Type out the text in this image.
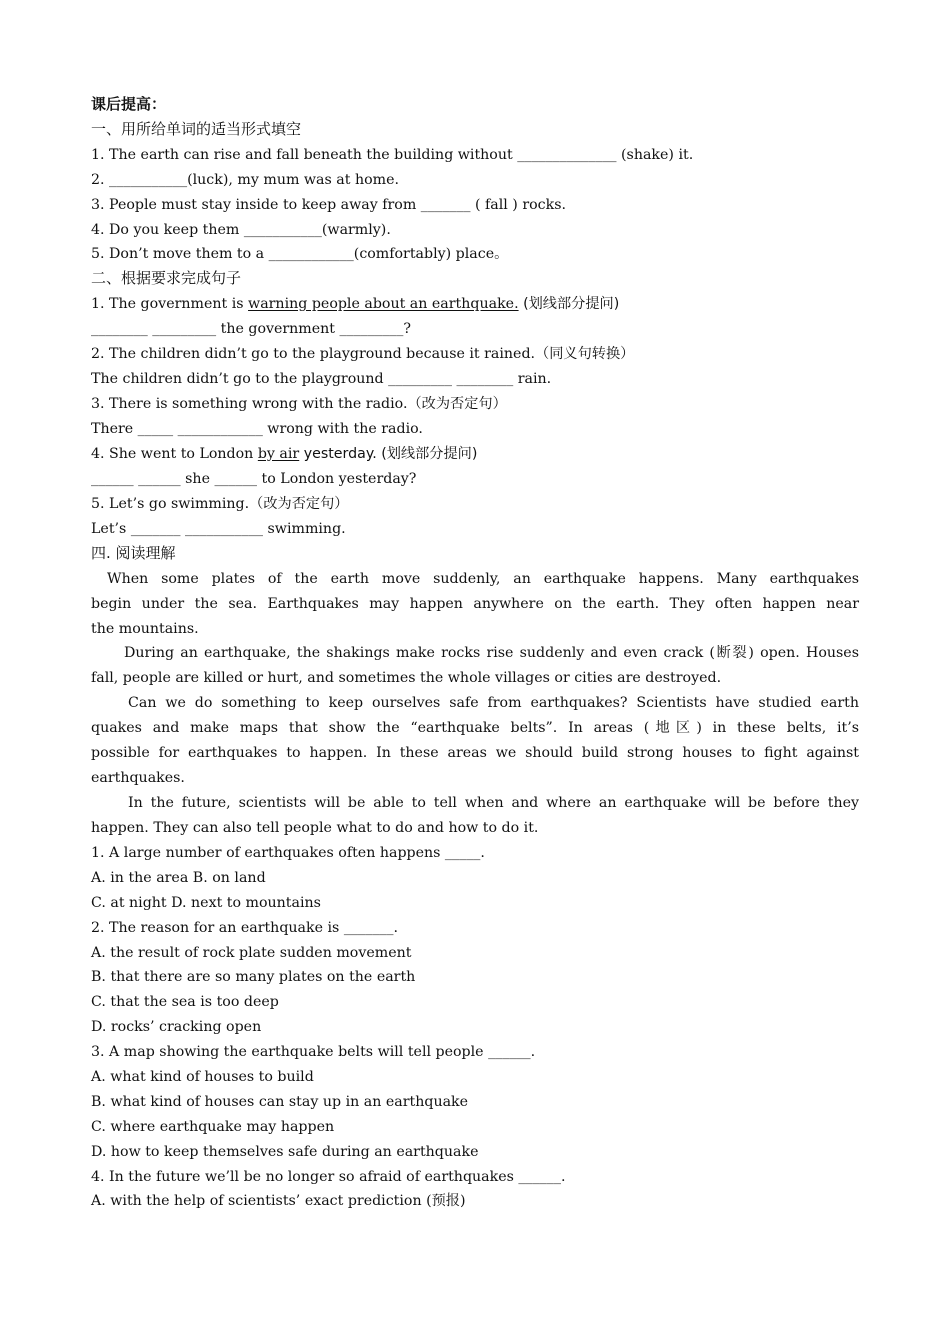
课后提高：
一、用所给单词的适当形式填空
1. The earth can rise and fall beneath the building without ______________ (shake) it.
2. ___________(luck), my mum was at home.
3. People must stay inside to keep away from _______ ( fall ) rocks.
4. Do you keep them ___________(warmly).
5. Don’t move them to a ____________(comfortably) place。
二、根据要求完成句子
1. The government is warning people about an earthquake. (划线部分提问)
________ _________ the government _________?
2. The children didn’t go to the playground because it rained.（同义句转换）
The children didn’t go to the playground _________ ________ rain.
3. There is something wrong with the radio.（改为否定句）
There _____ ____________ wrong with the radio.
4. She went to London by air yesterday. (划线部分提问)
______ ______ she ______ to London yesterday?
5. Let’s go swimming.（改为否定句）
Let’s _______ ___________ swimming.
四. 阅读理解
When some plates of the earth move suddenly, an earthquake happens. Many earthquakes
begin under the sea. Earthquakes may happen anywhere on the earth. They often happen near
the mountains.
During an earthquake, the shakings make rocks rise suddenly and even crack (断裂) open. Houses
fall, people are killed or hurt, and sometimes the whole villages or cities are destroyed.
Can we do something to keep ourselves safe from earthquakes? Scientists have studied earth
quakes and make maps that show the “earthquake belts”. In areas (地区) in these belts, it’s
possible for earthquakes to happen. In these areas we should build strong houses to fight against
earthquakes.
In the future, scientists will be able to tell when and where an earthquake will be before they
happen. They can also tell people what to do and how to do it.
1. A large number of earthquakes often happens _____.
A. in the area B. on land
C. at night D. next to mountains
2. The reason for an earthquake is _______.
A. the result of rock plate sudden movement
B. that there are so many plates on the earth
C. that the sea is too deep
D. rocks’ cracking open
3. A map showing the earthquake belts will tell people ______.
A. what kind of houses to build
B. what kind of houses can stay up in an earthquake
C. where earthquake may happen
D. how to keep themselves safe during an earthquake
4. In the future we’ll be no longer so afraid of earthquakes ______.
A. with the help of scientists’ exact prediction (预报)
